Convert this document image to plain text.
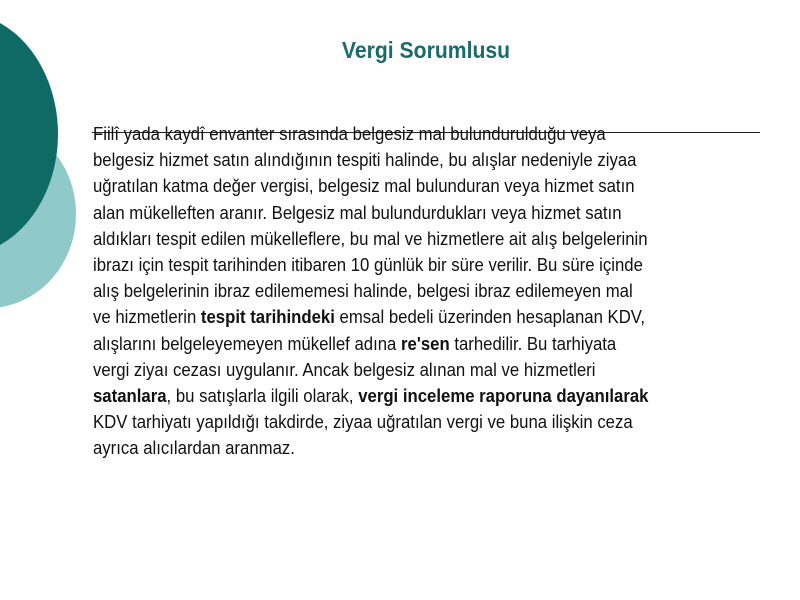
Vergi Sorumlusu
Fiilî yada kaydî envanter sırasında belgesiz mal bulundurulduğu veya
belgesiz hizmet satın alındığının tespiti halinde, bu alışlar nedeniyle ziyaa
uğratılan katma değer vergisi, belgesiz mal bulunduran veya hizmet satın
alan mükelleften aranır. Belgesiz mal bulundurdukları veya hizmet satın
aldıkları tespit edilen mükelleflere, bu mal ve hizmetlere ait alış belgelerinin
ibrazı için tespit tarihinden itibaren 10 günlük bir süre verilir. Bu süre içinde
alış belgelerinin ibraz edilememesi halinde, belgesi ibraz edilemeyen mal
ve hizmetlerin tespit tarihindeki emsal bedeli üzerinden hesaplanan KDV,
alışlarını belgeleyemeyen mükellef adına re'sen tarhedilir. Bu tarhiyata
vergi ziyaı cezası uygulanır. Ancak belgesiz alınan mal ve hizmetleri
satanlara, bu satışlarla ilgili olarak, vergi inceleme raporuna dayanılarak
KDV tarhiyatı yapıldığı takdirde, ziyaa uğratılan vergi ve buna ilişkin ceza
ayrıca alıcılardan aranmaz.
